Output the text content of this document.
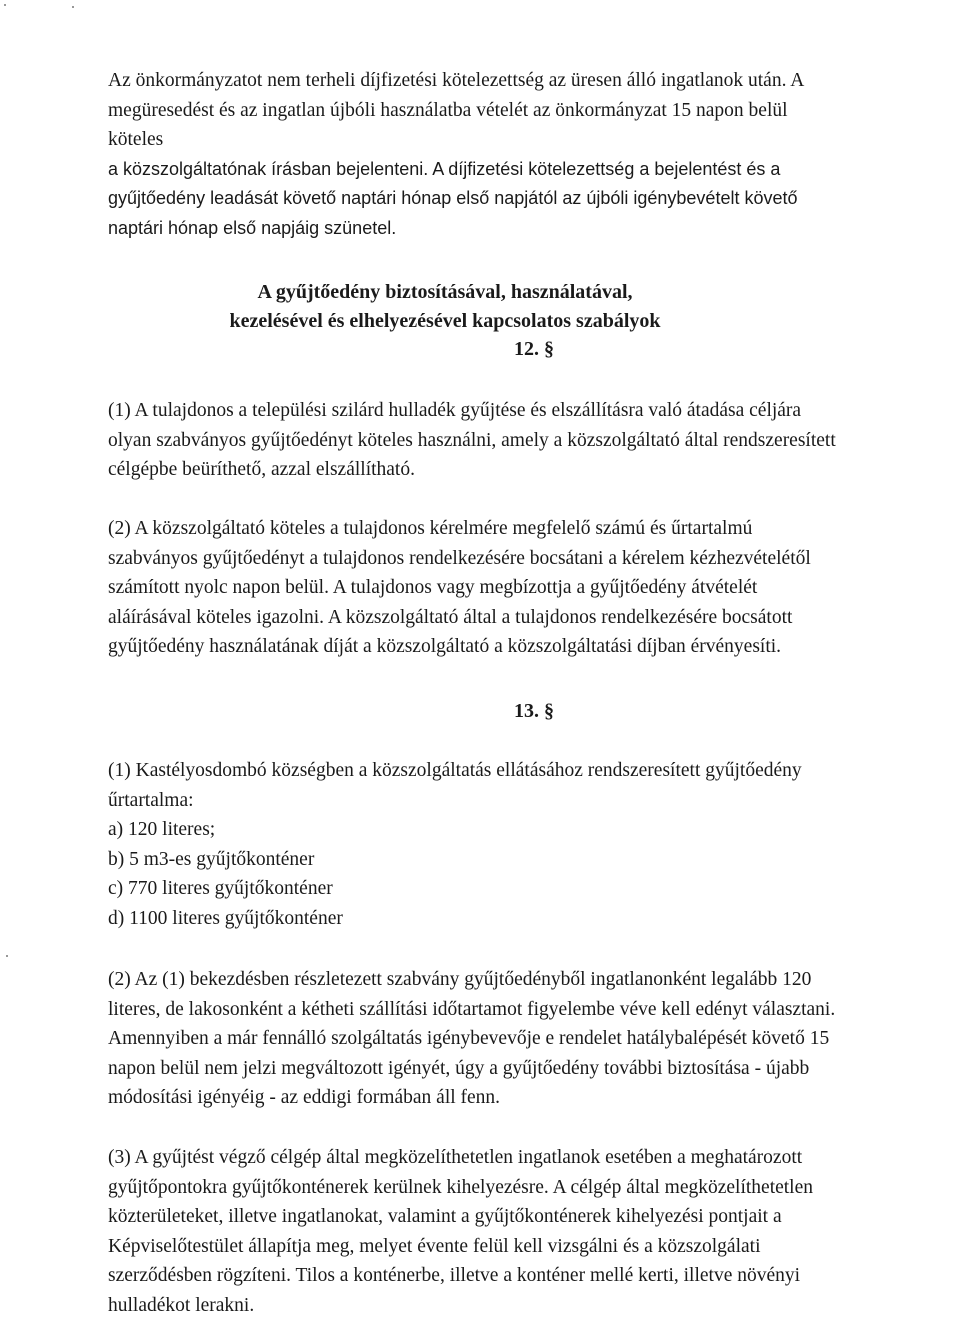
Az önkormányzatot nem terheli díjfizetési kötelezettség az üresen álló ingatlanok után. A
megüresedést és az ingatlan újbóli használatba vételét az önkormányzat 15 napon belül
köteles
a közszolgáltatónak írásban bejelenteni. A díjfizetési kötelezettség a bejelentést és a
gyűjtőedény leadását követő naptári hónap első napjától az újbóli igénybevételt követő
naptári hónap első napjáig szünetel.
A gyűjtőedény biztosításával, használatával,
kezelésével és elhelyezésével kapcsolatos szabályok
12. §
(1) A tulajdonos a települési szilárd hulladék gyűjtése és elszállításra való átadása céljára
olyan szabványos gyűjtőedényt köteles használni, amely a közszolgáltató által rendszeresített
célgépbe beüríthető, azzal elszállítható.
(2) A közszolgáltató köteles a tulajdonos kérelmére megfelelő számú és űrtartalmú
szabványos gyűjtőedényt a tulajdonos rendelkezésére bocsátani a kérelem kézhezvételétől
számított nyolc napon belül. A tulajdonos vagy megbízottja a gyűjtőedény átvételét
aláírásával köteles igazolni. A közszolgáltató által a tulajdonos rendelkezésére bocsátott
gyűjtőedény használatának díját a közszolgáltató a közszolgáltatási díjban érvényesíti.
13. §
(1) Kastélyosdombó községben a közszolgáltatás ellátásához rendszeresített gyűjtőedény
űrtartalma:
a) 120 literes;
b) 5 m3-es gyűjtőkonténer
c) 770 literes gyűjtőkonténer
d) 1100 literes gyűjtőkonténer
(2) Az (1) bekezdésben részletezett szabvány gyűjtőedényből ingatlanonként legalább 120
literes, de lakosonként a kétheti szállítási időtartamot figyelembe véve kell edényt választani.
Amennyiben a már fennálló szolgáltatás igénybevevője e rendelet hatálybalépését követő 15
napon belül nem jelzi megváltozott igényét, úgy a gyűjtőedény további biztosítása - újabb
módosítási igényéig - az eddigi formában áll fenn.
(3) A gyűjtést végző célgép által megközelíthetetlen ingatlanok esetében a meghatározott
gyűjtőpontokra gyűjtőkonténerek kerülnek kihelyezésre. A célgép által megközelíthetetlen
közterületeket, illetve ingatlanokat, valamint a gyűjtőkonténerek kihelyezési pontjait a
Képviselőtestület állapítja meg, melyet évente felül kell vizsgálni és a közszolgálati
szerződésben rögzíteni. Tilos a konténerbe, illetve a konténer mellé kerti, illetve növényi
hulladékot lerakni.
